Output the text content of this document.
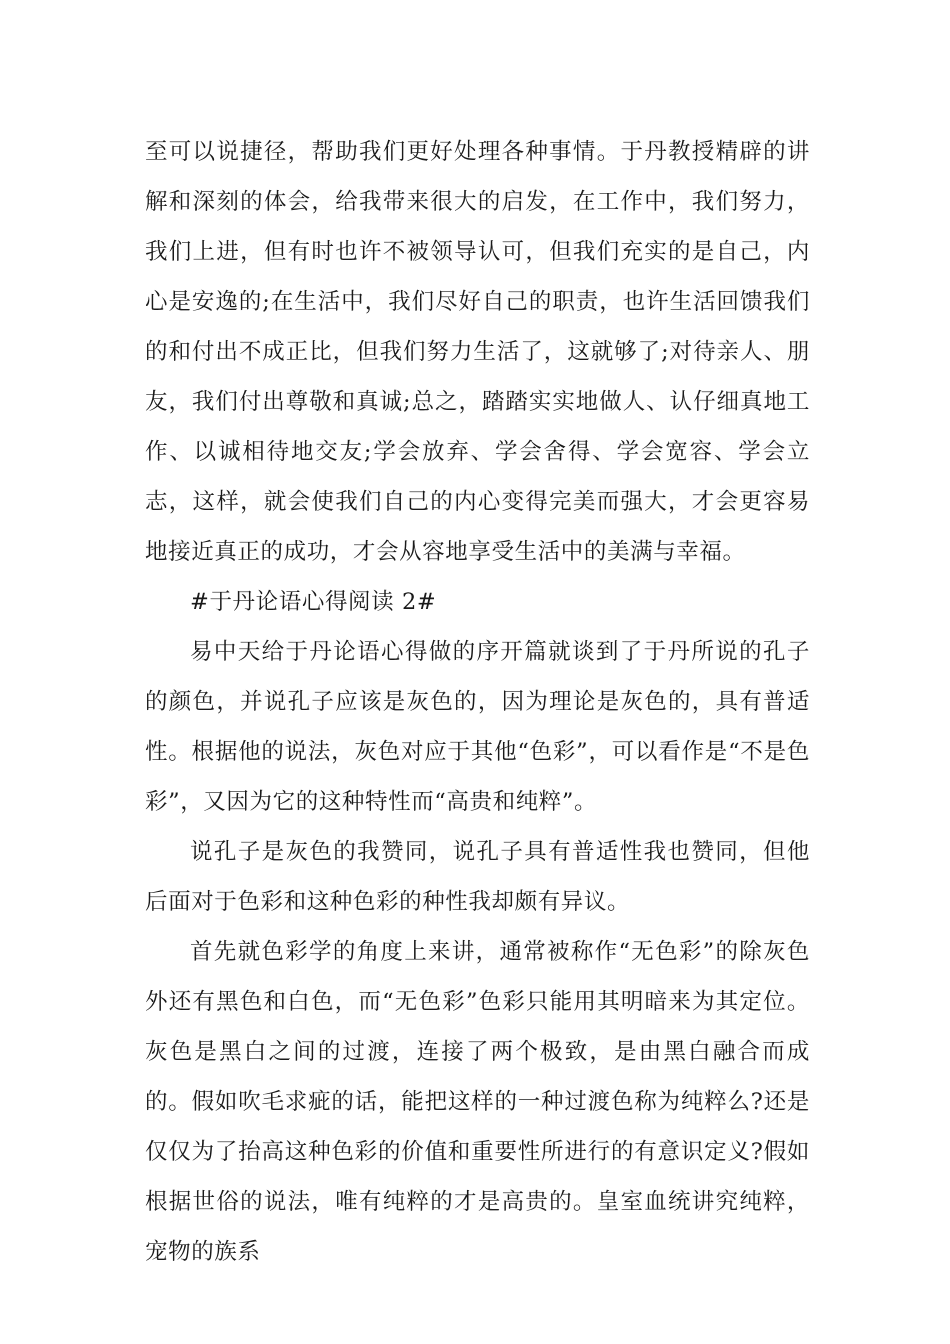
至可以说捷径，帮助我们更好处理各种事情。于丹教授精辟的讲解和深刻的体会，给我带来很大的启发，在工作中，我们努力，我们上进，但有时也许不被领导认可，但我们充实的是自己，内心是安逸的;在生活中，我们尽好自己的职责，也许生活回馈我们的和付出不成正比，但我们努力生活了，这就够了;对待亲人、朋友，我们付出尊敬和真诚;总之，踏踏实实地做人、认仔细真地工作、以诚相待地交友;学会放弃、学会舍得、学会宽容、学会立志，这样，就会使我们自己的内心变得完美而强大，才会更容易地接近真正的成功，才会从容地享受生活中的美满与幸福。

#于丹论语心得阅读 2#

易中天给于丹论语心得做的序开篇就谈到了于丹所说的孔子的颜色，并说孔子应该是灰色的，因为理论是灰色的，具有普适性。根据他的说法，灰色对应于其他“色彩”，可以看作是“不是色彩”，又因为它的这种特性而“高贵和纯粹”。

说孔子是灰色的我赞同，说孔子具有普适性我也赞同，但他后面对于色彩和这种色彩的种性我却颇有异议。

首先就色彩学的角度上来讲，通常被称作“无色彩”的除灰色外还有黑色和白色，而“无色彩”色彩只能用其明暗来为其定位。灰色是黑白之间的过渡，连接了两个极致，是由黑白融合而成的。假如吹毛求疵的话，能把这样的一种过渡色称为纯粹么?还是仅仅为了抬高这种色彩的价值和重要性所进行的有意识定义?假如根据世俗的说法，唯有纯粹的才是高贵的。皇室血统讲究纯粹，宠物的族系
